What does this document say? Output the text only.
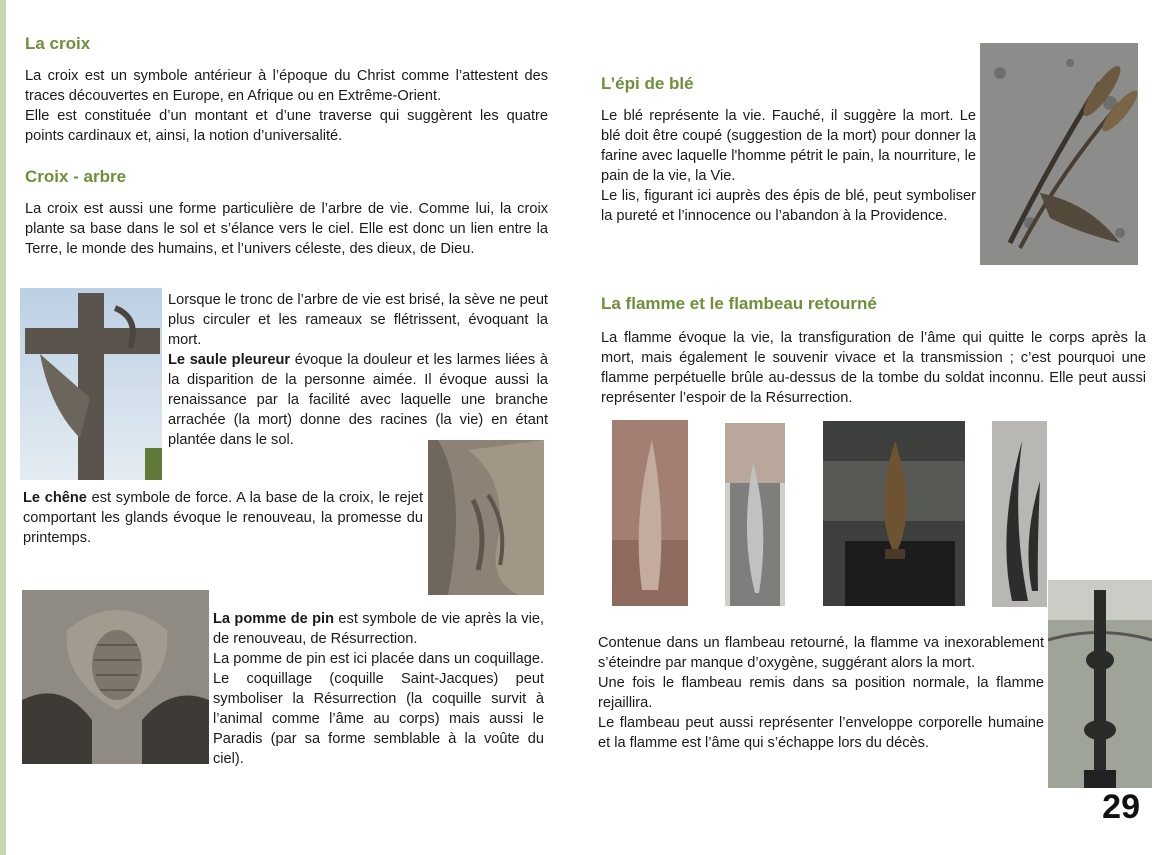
La croix

La croix est un symbole antérieur à l’époque du Christ comme l’attestent des traces découvertes en Europe, en Afrique ou en Extrême-Orient.

Elle est constituée d’un montant et d’une traverse qui suggèrent les quatre points cardinaux et, ainsi, la notion d’universalité.

Croix - arbre
La croix est aussi une forme particulière de l’arbre de vie. Comme lui, la croix plante sa base dans le sol et s’élance vers le ciel. Elle est donc un lien entre la Terre, le monde des humains, et l’univers céleste, des dieux, de Dieu.

Lorsque le tronc de l’arbre de vie est brisé, la sève ne peut plus circuler et les rameaux se flétrissent, évoquant la mort.

Le saule pleureur évoque la douleur et les larmes liées à la disparition de la personne aimée. Il évoque aussi la renaissance par la facilité avec laquelle une branche arrachée (la mort) donne des racines (la vie) en étant plantée dans le sol.

Le chêne est symbole de force. A la base de la croix, le rejet comportant les glands évoque le renouveau, la promesse du printemps.

La pomme de pin est symbole de vie après la vie, de renouveau, de Résurrection.

La pomme de pin est ici placée dans un coquillage. Le coquillage (coquille Saint-Jacques) peut symboliser la Résurrection (la coquille survit à l’animal comme l’âme au corps) mais aussi le Paradis (par sa forme semblable à la voûte du ciel).

L’épi de blé

Le blé représente la vie. Fauché, il suggère la mort. Le blé doit être coupé (suggestion de la mort) pour donner la farine avec laquelle l'homme pétrit le pain, la nourriture, le pain de la vie, la Vie.

Le lis, figurant ici auprès des épis de blé, peut symboliser la pureté et l’innocence ou l’abandon à la Providence.

La flamme et le flambeau retourné
La flamme évoque la vie, la transfiguration de l’âme qui quitte le corps après la mort, mais également le souvenir vivace et la transmission ; c’est pourquoi une flamme perpétuelle brûle au-dessus de la tombe du soldat inconnu. Elle peut aussi représenter l’espoir de la Résurrection.

Contenue dans un flambeau retourné, la flamme va inexorablement s’éteindre par manque d’oxygène, suggérant alors la mort.

Une fois le flambeau remis dans sa position normale, la flamme rejaillira.

Le flambeau peut aussi représenter l’enveloppe corporelle humaine et la flamme est l’âme qui s’échappe lors du décès.

29
